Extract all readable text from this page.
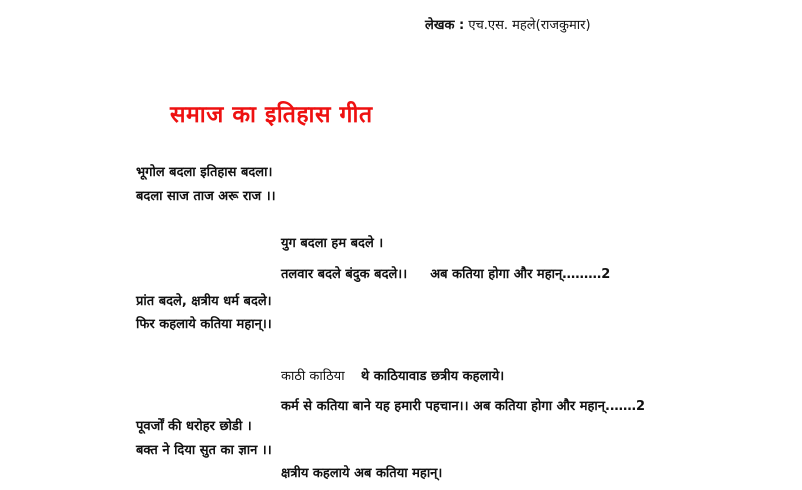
लेखक : एच.एस. महले(राजकुमार)
समाज का इतिहास गीत
भूगोल बदला इतिहास बदला।
बदला साज ताज अरू राज ।।
युग बदला हम बदले ।
तलवार बदले बंदुक बदले।। अब कतिया होगा और महान्………2
प्रांत बदले, क्षत्रीय धर्म बदले।
फिर कहलाये कतिया महान्।।
काठी काठिया थे काठियावाड छत्रीय कहलाये।
कर्म से कतिया बाने यह हमारी पहचान।। अब कतिया होगा और महान्.……2
पूवर्जों की धरोहर छोडी ।
बक्त ने दिया सुत का ज्ञान ।।
क्षत्रीय कहलाये अब कतिया महान्।
